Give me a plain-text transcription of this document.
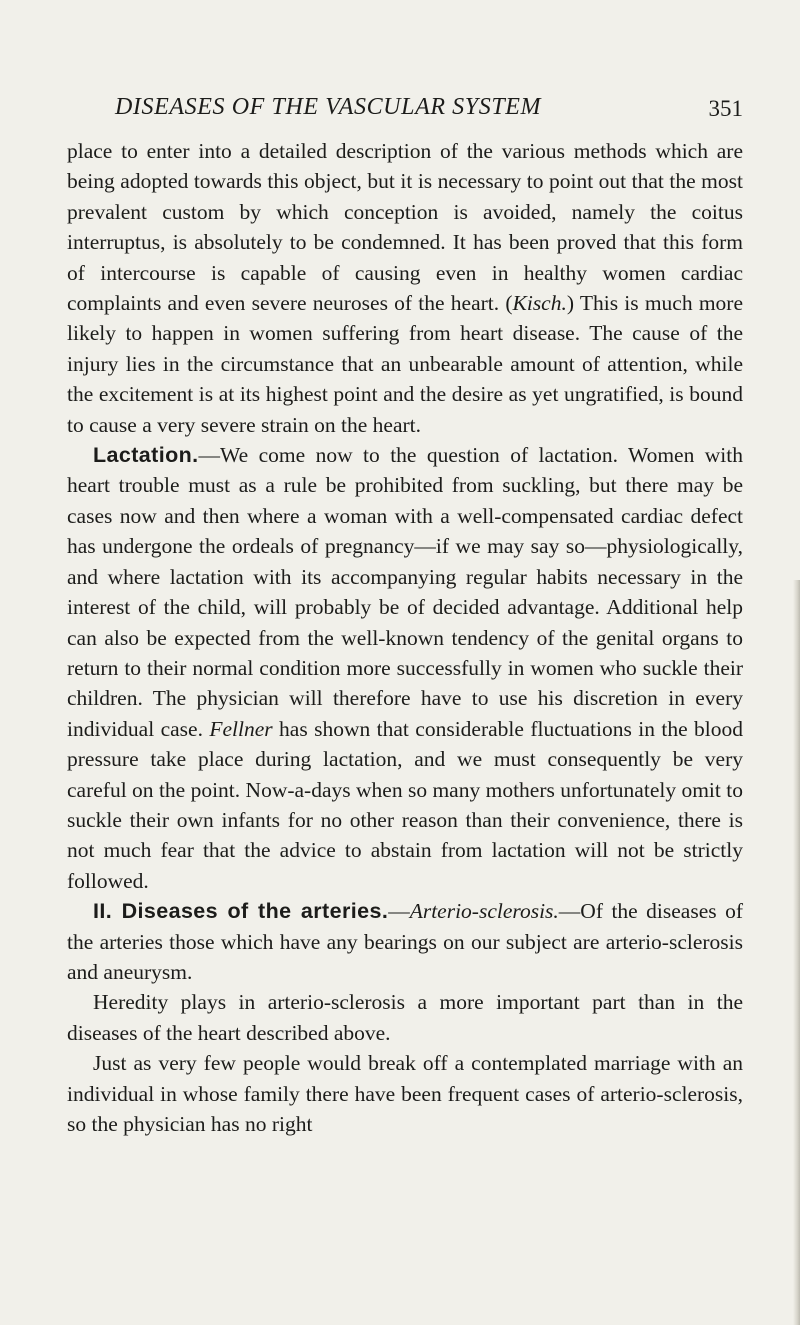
DISEASES OF THE VASCULAR SYSTEM	351

place to enter into a detailed description of the various methods which are being adopted towards this object, but it is necessary to point out that the most prevalent custom by which conception is avoided, namely the coitus interruptus, is absolutely to be condemned. It has been proved that this form of intercourse is capable of causing even in healthy women cardiac complaints and even severe neuroses of the heart. (Kisch.) This is much more likely to happen in women suffering from heart disease. The cause of the injury lies in the circumstance that an unbearable amount of attention, while the excitement is at its highest point and the desire as yet ungratified, is bound to cause a very severe strain on the heart.

Lactation.—We come now to the question of lactation. Women with heart trouble must as a rule be prohibited from suckling, but there may be cases now and then where a woman with a well-compensated cardiac defect has undergone the ordeals of pregnancy—if we may say so—physiologically, and where lactation with its accompanying regular habits necessary in the interest of the child, will probably be of decided advantage. Additional help can also be expected from the well-known tendency of the genital organs to return to their normal condition more successfully in women who suckle their children. The physician will therefore have to use his discretion in every individual case. Fellner has shown that considerable fluctuations in the blood pressure take place during lactation, and we must consequently be very careful on the point. Now-a-days when so many mothers unfortunately omit to suckle their own infants for no other reason than their convenience, there is not much fear that the advice to abstain from lactation will not be strictly followed.

II. Diseases of the arteries.—Arterio-sclerosis.—Of the diseases of the arteries those which have any bearings on our subject are arterio-sclerosis and aneurysm.

Heredity plays in arterio-sclerosis a more important part than in the diseases of the heart described above.

Just as very few people would break off a contemplated marriage with an individual in whose family there have been frequent cases of arterio-sclerosis, so the physician has no right
